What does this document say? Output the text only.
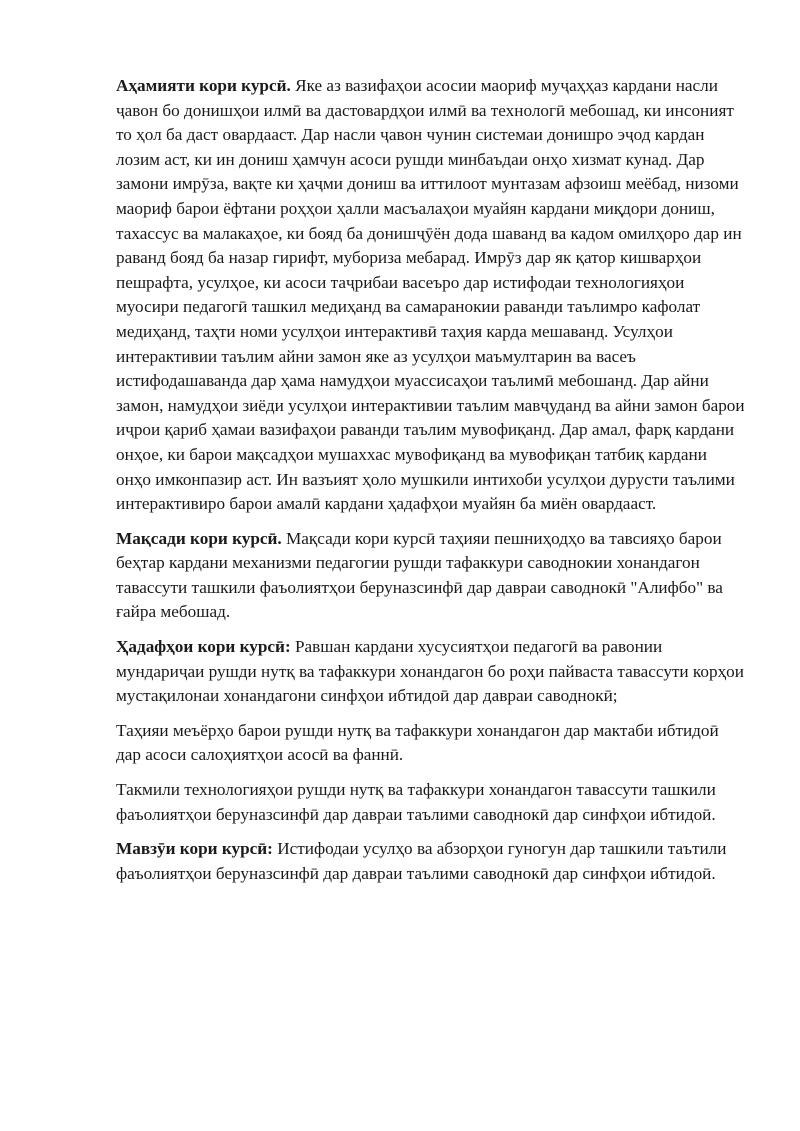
Аҳамияти кори курсӣ. Яке аз вазифаҳои асосии маориф муҷаҳҳаз кардани насли ҷавон бо донишҳои илмӣ ва дастовардҳои илмӣ ва технологӣ мебошад, ки инсоният то ҳол ба даст овардааст. Дар насли ҷавон чунин системаи донишро эҷод кардан лозим аст, ки ин дониш ҳамчун асоси рушди минбаъдаи онҳо хизмат кунад. Дар замони имрӯза, вақте ки ҳаҷми дониш ва иттилоот мунтазам афзоиш меёбад, низоми маориф барои ёфтани роҳҳои ҳалли масъалаҳои муайян кардани миқдори дониш, тахассус ва малакаҳое, ки бояд ба донишҷӯён дода шаванд ва кадом омилҳоро дар ин раванд бояд ба назар гирифт, мубориза мебарад. Имрӯз дар як қатор кишварҳои пешрафта, усулҳое, ки асоси таҷрибаи васеъро дар истифодаи технологияҳои муосири педагогӣ ташкил медиҳанд ва самаранокии раванди таълимро кафолат медиҳанд, таҳти номи усулҳои интерактивӣ таҳия карда мешаванд. Усулҳои интерактивии таълим айни замон яке аз усулҳои маъмултарин ва васеъ истифодашаванда дар ҳама намудҳои муассисаҳои таълимӣ мебошанд. Дар айни замон, намудҳои зиёди усулҳои интерактивии таълим мавҷуданд ва айни замон барои иҷрои қариб ҳамаи вазифаҳои раванди таълим мувофиқанд. Дар амал, фарқ кардани онҳое, ки барои мақсадҳои мушаххас мувофиқанд ва мувофиқан татбиқ кардани онҳо имконпазир аст. Ин вазъият ҳоло мушкили интихоби усулҳои дурусти таълими интерактивиро барои амалӣ кардани ҳадафҳои муайян ба миён овардааст.

Мақсади кори курсӣ. Мақсади кори курсӣ таҳияи пешниҳодҳо ва тавсияҳо барои беҳтар кардани механизми педагогии рушди тафаккури саводнокии хонандагон тавассути ташкили фаъолиятҳои беруназсинфӣ дар давраи саводнокӣ "Алифбо" ва ғайра мебошад.

Ҳадафҳои кори курсӣ: Равшан кардани хусусиятҳои педагогӣ ва равонии мундариҷаи рушди нутқ ва тафаккури хонандагон бо роҳи пайваста тавассути корҳои мустақилонаи хонандагони синфҳои ибтидоӣ дар давраи саводнокӣ;

Таҳияи меъёрҳо барои рушди нутқ ва тафаккури хонандагон дар мактаби ибтидоӣ дар асоси салоҳиятҳои асосӣ ва фаннӣ.

Такмили технологияҳои рушди нутқ ва тафаккури хонандагон тавассути ташкили фаъолиятҳои беруназсинфӣ дар давраи таълими саводнокӣ дар синфҳои ибтидоӣ.

Мавзӯи кори курсӣ: Истифодаи усулҳо ва абзорҳои гуногун дар ташкили таътили фаъолиятҳои беруназсинфӣ дар давраи таълими саводнокӣ дар синфҳои ибтидоӣ.
